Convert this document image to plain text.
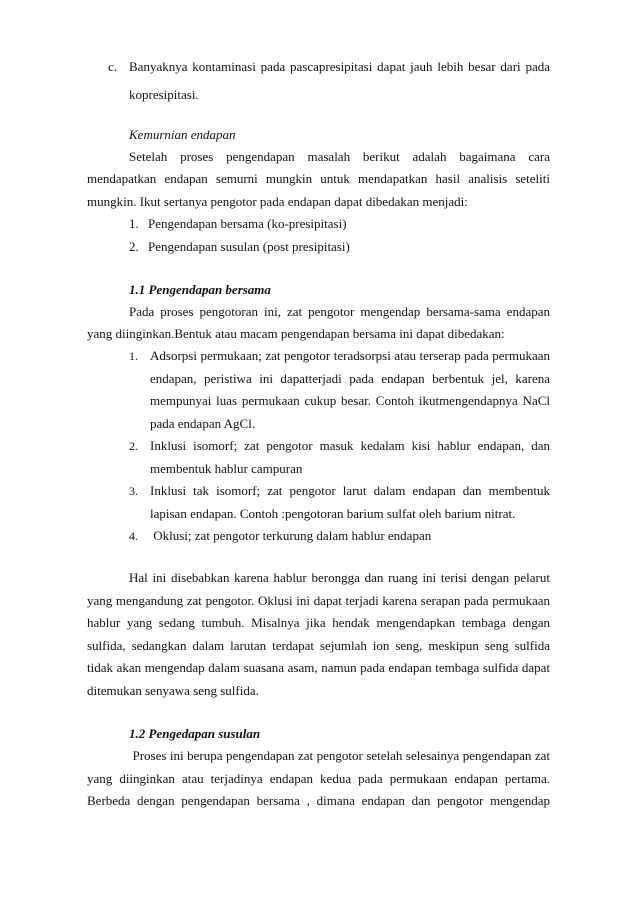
c. Banyaknya kontaminasi pada pascapresipitasi dapat jauh lebih besar dari pada
kopresipitasi.
Kemurnian endapan
Setelah proses pengendapan masalah berikut adalah bagaimana cara
mendapatkan endapan semurni mungkin untuk mendapatkan hasil analisis seteliti
mungkin. Ikut sertanya pengotor pada endapan dapat dibedakan menjadi:
1. Pengendapan bersama (ko-presipitasi)
2. Pengendapan susulan (post presipitasi)
1.1 Pengendapan bersama
Pada proses pengotoran ini, zat pengotor mengendap bersama-sama endapan
yang diinginkan.Bentuk atau macam pengendapan bersama ini dapat dibedakan:
1. Adsorpsi permukaan; zat pengotor teradsorpsi atau terserap pada permukaan
endapan, peristiwa ini dapatterjadi pada endapan berbentuk jel, karena
mempunyai luas permukaan cukup besar. Contoh ikutmengendapnya NaCl
pada endapan AgCl.
2. Inklusi isomorf; zat pengotor masuk kedalam kisi hablur endapan, dan
membentuk hablur campuran
3. Inklusi tak isomorf; zat pengotor larut dalam endapan dan membentuk
lapisan endapan. Contoh :pengotoran barium sulfat oleh barium nitrat.
4. Oklusi; zat pengotor terkurung dalam hablur endapan
Hal ini disebabkan karena hablur berongga dan ruang ini terisi dengan pelarut
yang mengandung zat pengotor. Oklusi ini dapat terjadi karena serapan pada permukaan
hablur yang sedang tumbuh. Misalnya jika hendak mengendapkan tembaga dengan
sulfida, sedangkan dalam larutan terdapat sejumlah ion seng, meskipun seng sulfida
tidak akan mengendap dalam suasana asam, namun pada endapan tembaga sulfida dapat
ditemukan senyawa seng sulfida.
1.2 Pengedapan susulan
Proses ini berupa pengendapan zat pengotor setelah selesainya pengendapan zat
yang diinginkan atau terjadinya endapan kedua pada permukaan endapan pertama.
Berbeda dengan pengendapan bersama , dimana endapan dan pengotor mengendap
